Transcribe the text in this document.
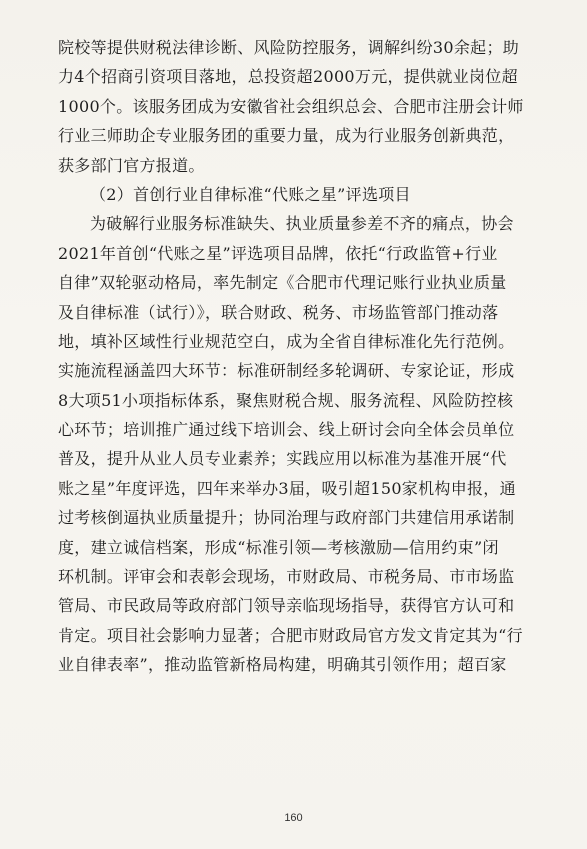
院校等提供财税法律诊断、风险防控服务，调解纠纷30余起；助
力4个招商引资项目落地，总投资超2000万元，提供就业岗位超
1000个。该服务团成为安徽省社会组织总会、合肥市注册会计师
行业三师助企专业服务团的重要力量，成为行业服务创新典范，
获多部门官方报道。
（2）首创行业自律标准“代账之星”评选项目
为破解行业服务标准缺失、执业质量参差不齐的痛点，协会
2021年首创“代账之星”评选项目品牌，依托“行政监管+行业
自律”双轮驱动格局，率先制定《合肥市代理记账行业执业质量
及自律标准（试行）》，联合财政、税务、市场监管部门推动落
地，填补区域性行业规范空白，成为全省自律标准化先行范例。
实施流程涵盖四大环节：标准研制经多轮调研、专家论证，形成
8大项51小项指标体系，聚焦财税合规、服务流程、风险防控核
心环节；培训推广通过线下培训会、线上研讨会向全体会员单位
普及，提升从业人员专业素养；实践应用以标准为基准开展“代
账之星”年度评选，四年来举办3届，吸引超150家机构申报，通
过考核倒逼执业质量提升；协同治理与政府部门共建信用承诺制
度，建立诚信档案，形成“标准引领—考核激励—信用约束”闭
环机制。评审会和表彰会现场，市财政局、市税务局、市市场监
管局、市民政局等政府部门领导亲临现场指导，获得官方认可和
肯定。项目社会影响力显著；合肥市财政局官方发文肯定其为“行
业自律表率”，推动监管新格局构建，明确其引领作用；超百家
160
